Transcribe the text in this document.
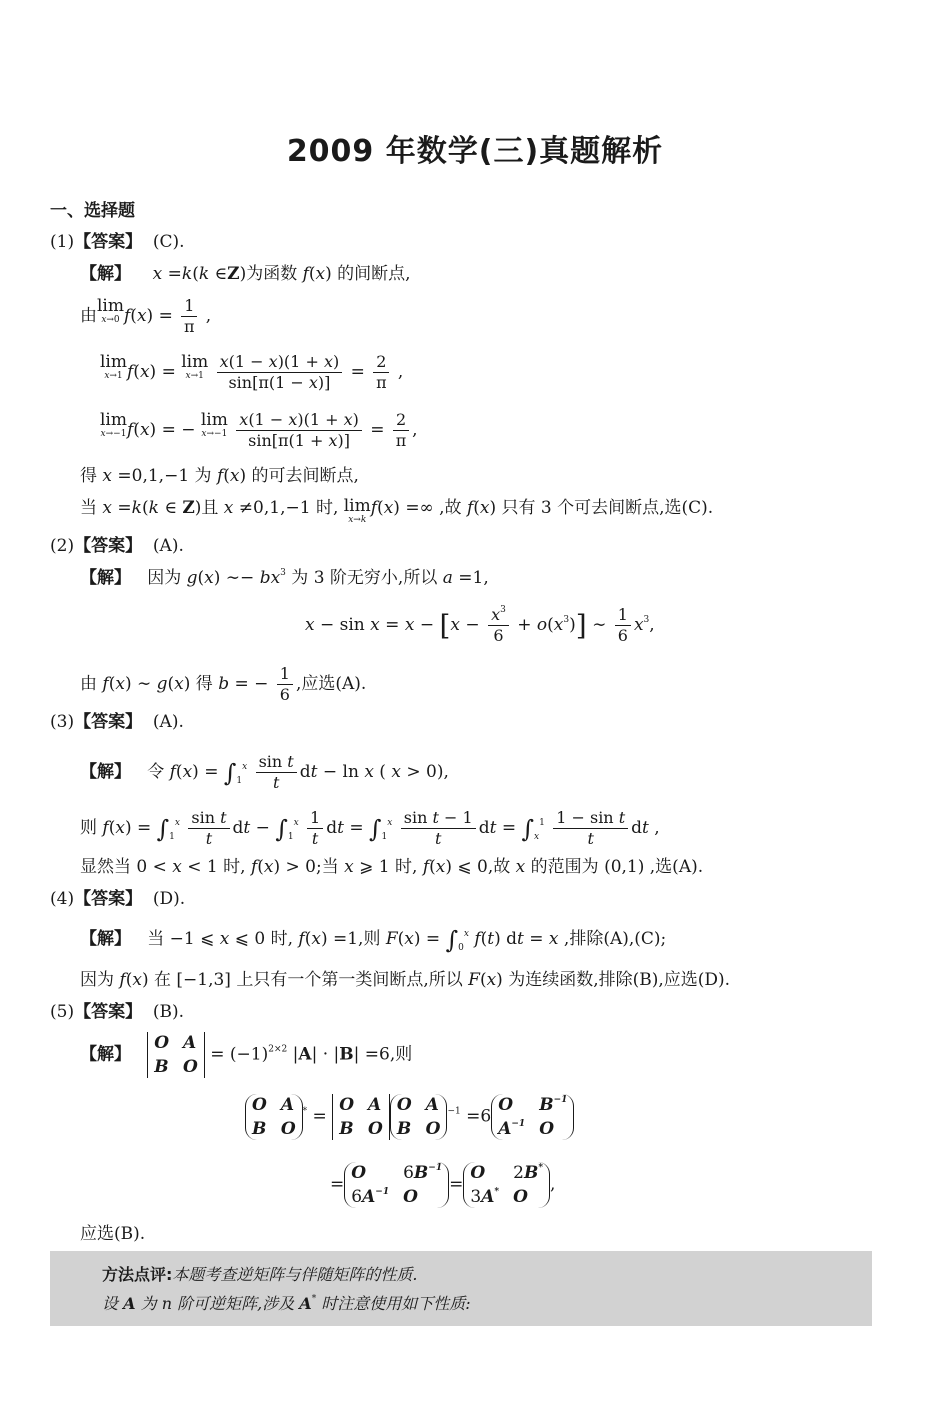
2009 年数学(三)真题解析
一、选择题
(1)【答案】 (C).
【解】 x =k(k ∈Z)为函数 f(x) 的间断点,
由lim
x→0 $f(x) = \frac{1}{\pi}$ ,
lim
x→1 f(x) = lim
x→1
$\frac{x(1 - x)(1 + x)}{\sin[\pi(1 - x)]} = \frac{2}{\pi}$ ,
lim
x→−1 f(x) = − lim
x→−1
$\frac{x(1 - x)(1 + x)}{\sin[\pi(1 + x)]} = \frac{2}{\pi}$ ,
得 x =0,1,−1 为 f(x) 的可去间断点,
当 x =k(k ∈ Z)且 x ≠0,1,−1 时, lim
x→k
f(x) =∞ ,故 f(x) 只有 3 个可去间断点,选(C).
(2)【答案】 (A).
【解】   因为 g(x) ∼− $bx^3$ 为 3 阶无穷小,所以 a =1,
$x - \sin x = x - [x - \frac{x^3}{6} + o(x^3)]$ ∼ $\frac{1}{6} x^3$,
由 f(x) ∼ g(x) 得 b = − $\frac{1}{6}$ ,应选(A).
(3)【答案】 (A).
【解】   令 $f(x) = \int_1^x \frac{\text{sin t}}{t}$ dt − ln x ( x > 0),
则 $f(x) = \int_1^x \frac{\text{sin t}}{t}$ dt − $\int_1^x \frac{1}{t}$ dt = $\int_1^x \frac{\text{sin t − 1}}{t}$ dt = $\int_x^1 \frac{\text{1 − sin t}}{t}$ dt ,
显然当 0 < x < 1 时, f(x) > 0;当 x ⩾ 1 时, f(x) ⩽ 0,故 x 的范围为 (0,1) ,选(A).
(4)【答案】 (D).
【解】   当 −1 ⩽ x ⩽ 0 时, f(x) =1,则 $F(x) = \int_0^x$ f(t) dt = x ,排除(A),(C);
因为 f(x) 在 [−1,3] 上只有一个第一类间断点,所以 F(x) 为连续函数,排除(B),应选(D).
(5)【答案】 (B).
【解】
O A
B O
= $(-1)^{2\times 2}$ |A| · |B| =6,则
O A
B O
* =
O A
B O
O A
B O
$^{-1}$ =6
O	$B^{-1}$
$A^{-1}$ O
=
O	$6B^{-1}$
$6A^{-1}$ O
=
O	2B*
3A* O
,
应选(B).
方法点评:本题考查逆矩阵与伴随矩阵的性质.
设 A 为 n 阶可逆矩阵,涉及 A* 时注意使用如下性质:
